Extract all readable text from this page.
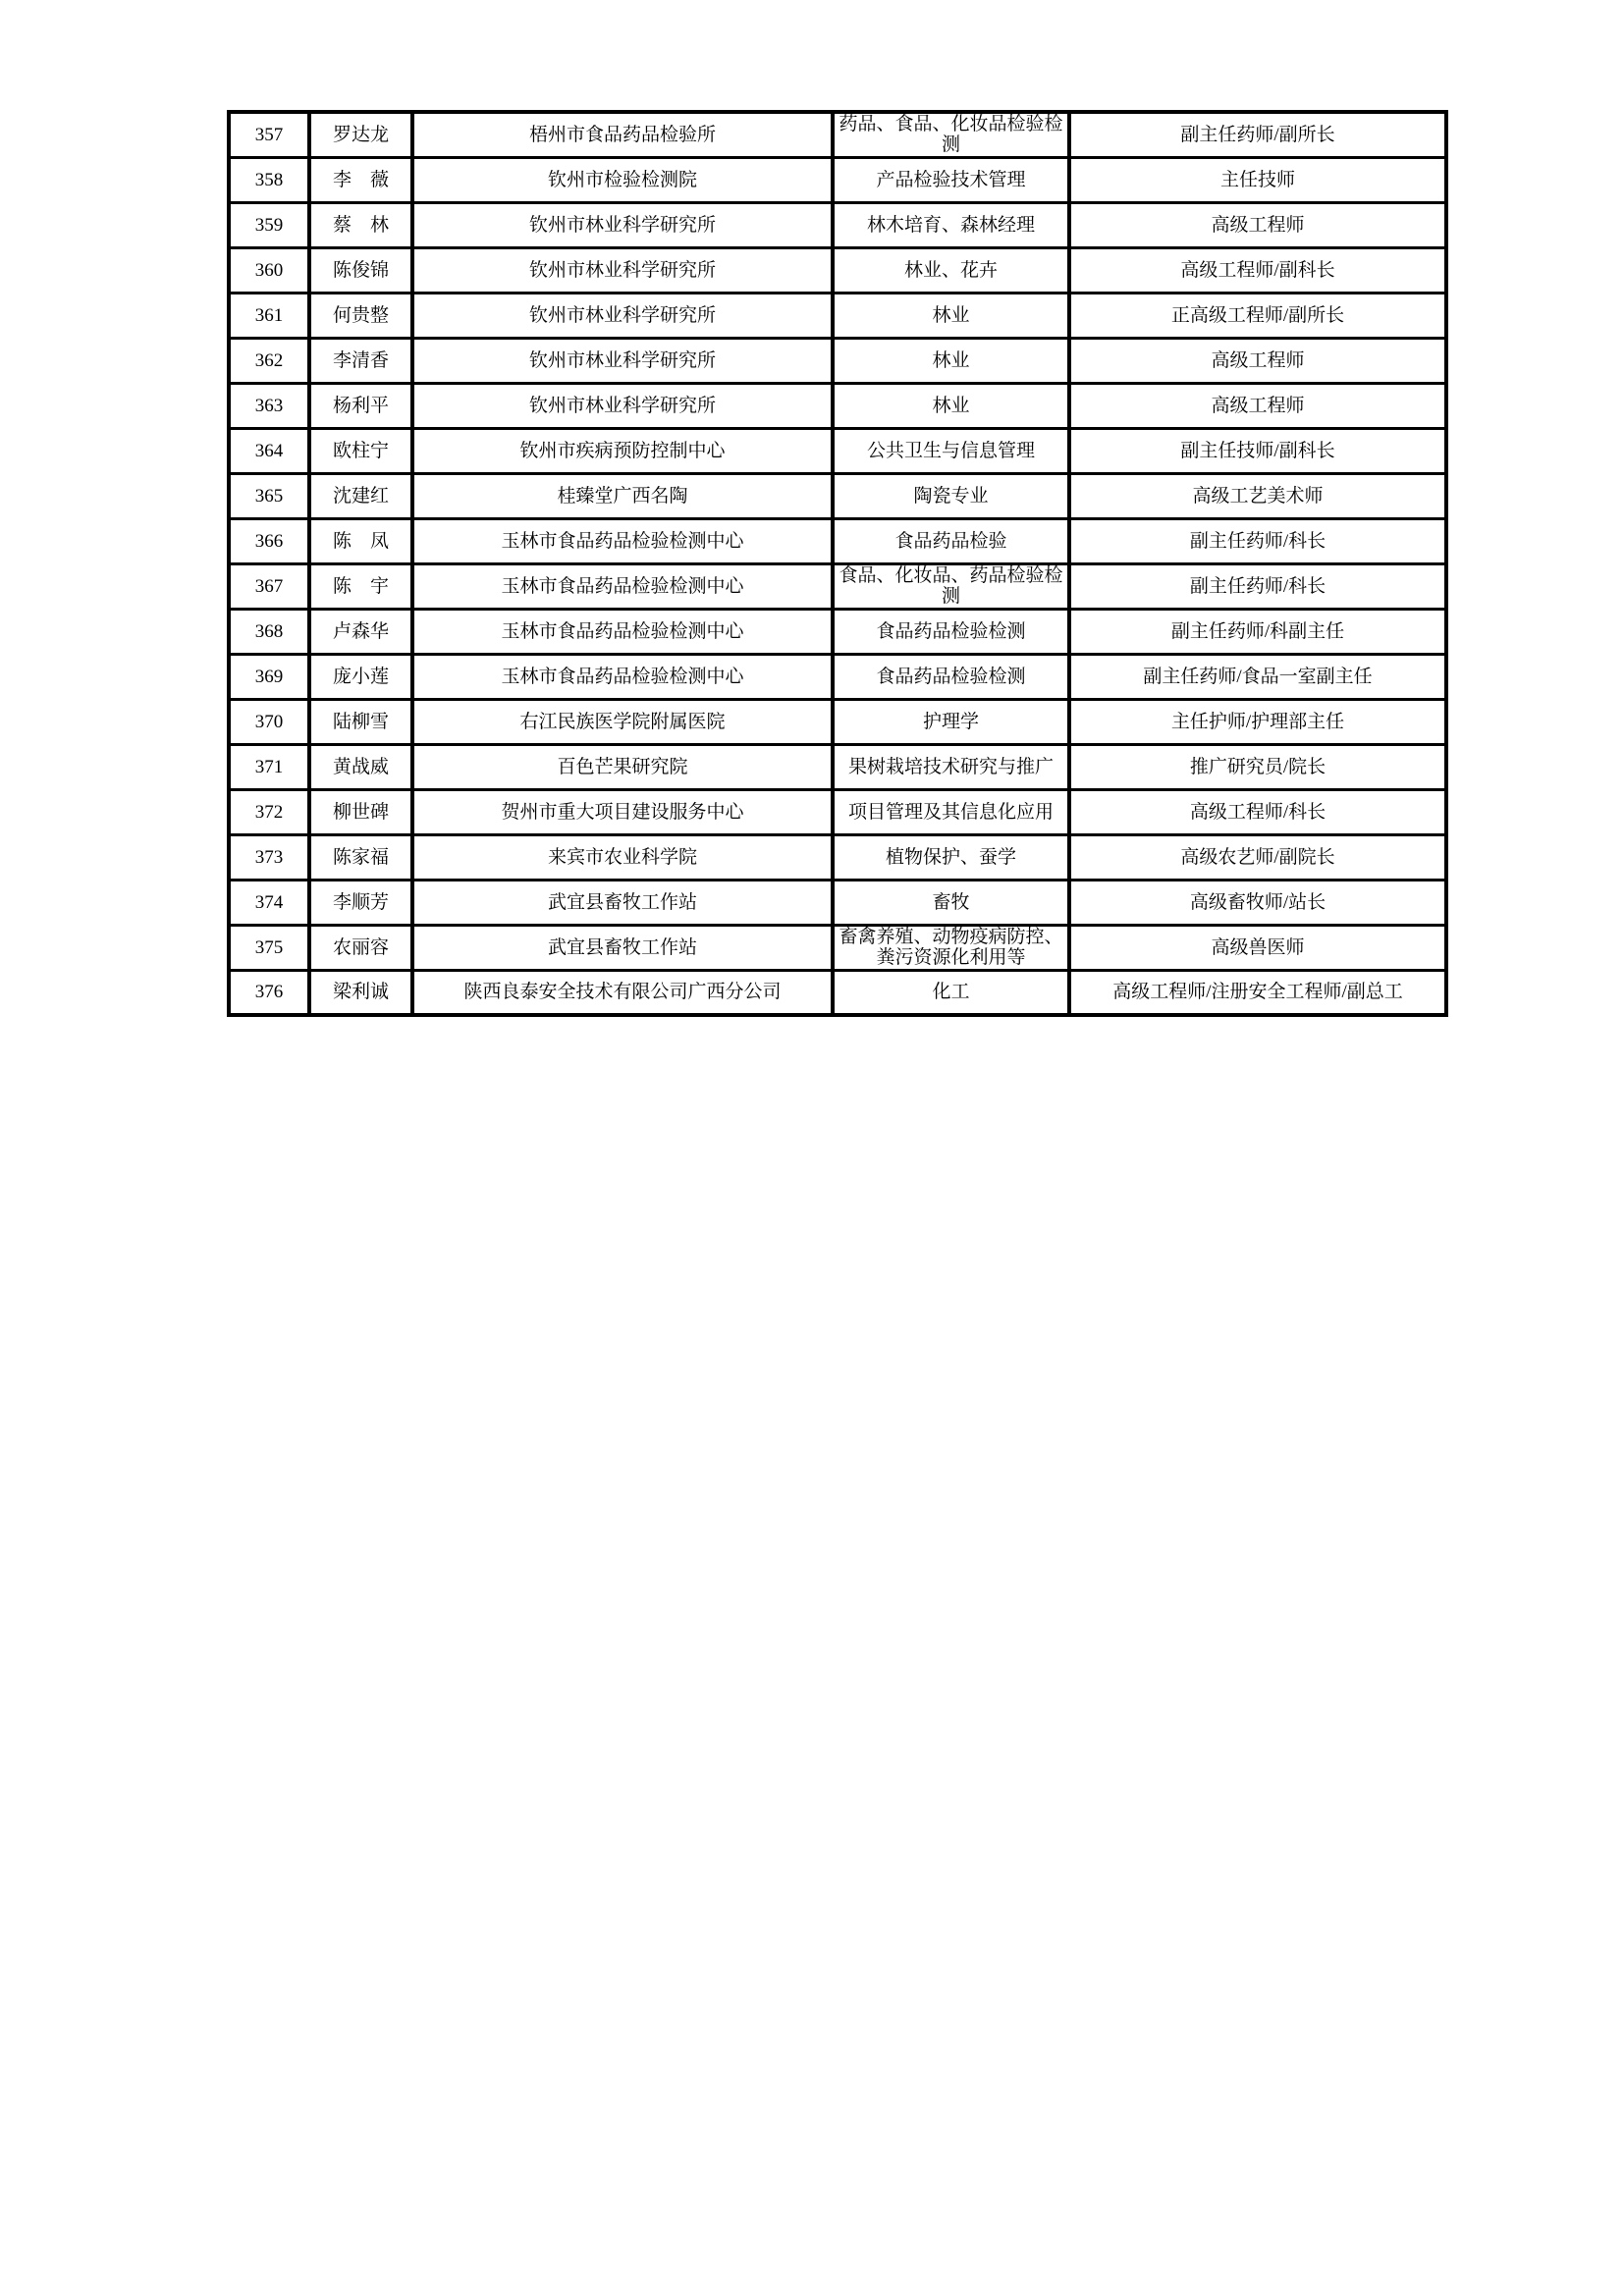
357	罗达龙	梧州市食品药品检验所	药品、食品、化妆品检验检测	副主任药师/副所长
358	李　薇	钦州市检验检测院	产品检验技术管理	主任技师
359	蔡　林	钦州市林业科学研究所	林木培育、森林经理	高级工程师
360	陈俊锦	钦州市林业科学研究所	林业、花卉	高级工程师/副科长
361	何贵整	钦州市林业科学研究所	林业	正高级工程师/副所长
362	李清香	钦州市林业科学研究所	林业	高级工程师
363	杨利平	钦州市林业科学研究所	林业	高级工程师
364	欧柱宁	钦州市疾病预防控制中心	公共卫生与信息管理	副主任技师/副科长
365	沈建红	桂臻堂广西名陶	陶瓷专业	高级工艺美术师
366	陈　凤	玉林市食品药品检验检测中心	食品药品检验	副主任药师/科长
367	陈　宇	玉林市食品药品检验检测中心	食品、化妆品、药品检验检测	副主任药师/科长
368	卢森华	玉林市食品药品检验检测中心	食品药品检验检测	副主任药师/科副主任
369	庞小莲	玉林市食品药品检验检测中心	食品药品检验检测	副主任药师/食品一室副主任
370	陆柳雪	右江民族医学院附属医院	护理学	主任护师/护理部主任
371	黄战威	百色芒果研究院	果树栽培技术研究与推广	推广研究员/院长
372	柳世碑	贺州市重大项目建设服务中心	项目管理及其信息化应用	高级工程师/科长
373	陈家福	来宾市农业科学院	植物保护、蚕学	高级农艺师/副院长
374	李顺芳	武宜县畜牧工作站	畜牧	高级畜牧师/站长
375	农丽容	武宜县畜牧工作站	畜禽养殖、动物疫病防控、粪污资源化利用等	高级兽医师
376	梁利诚	陕西良泰安全技术有限公司广西分公司	化工	高级工程师/注册安全工程师/副总工
